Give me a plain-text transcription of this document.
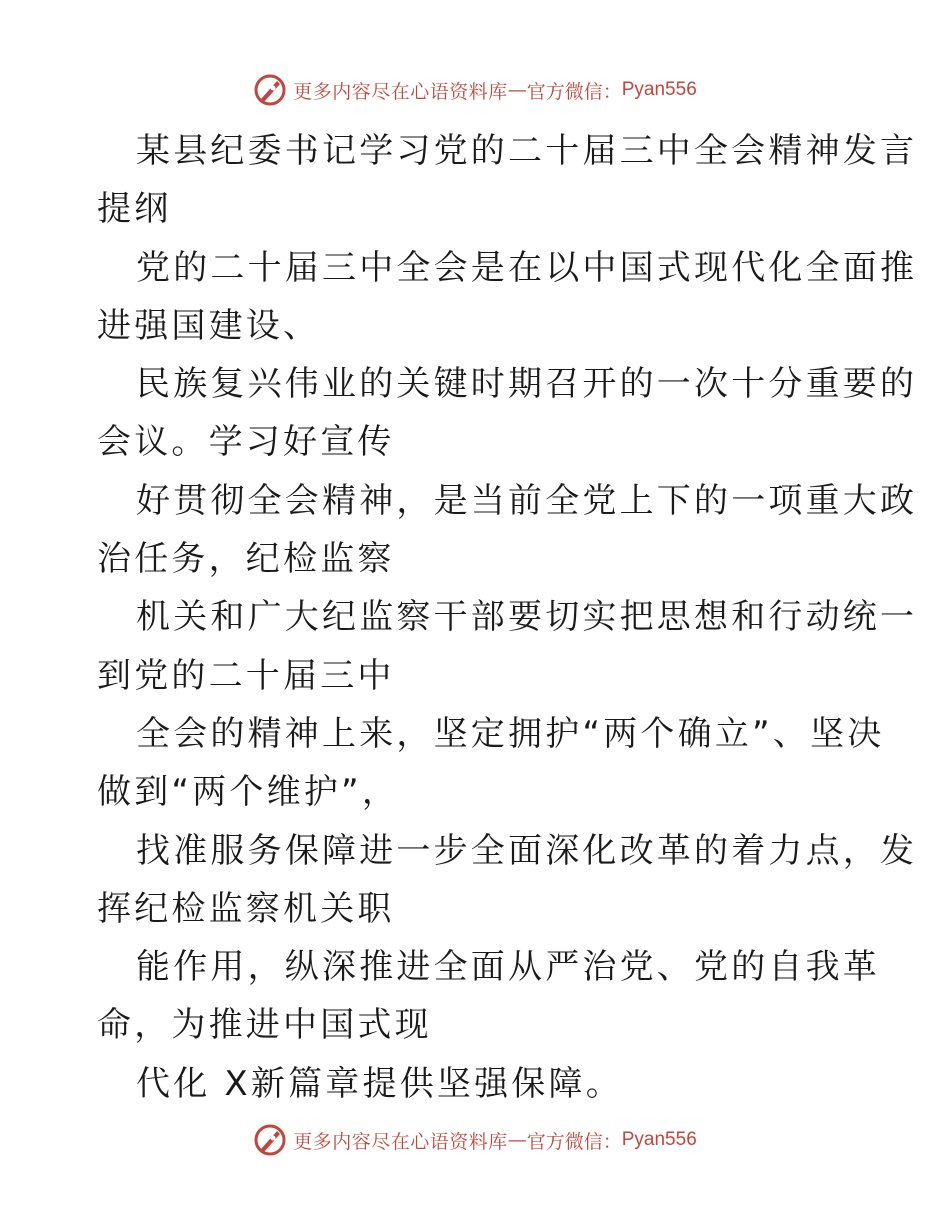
更多内容尽在心语资料库 — 官方微信： Pyan556
某县纪委书记学习党的二十届三中全会精神发言
提纲
党的二十届三中全会是在以中国式现代化全面推
进强国建设、
民族复兴伟业的关键时期召开的一次十分重要的
会议。学习好宣传
好贯彻全会精神，是当前全党上下的一项重大政
治任务，纪检监察
机关和广大纪监察干部要切实把思想和行动统一
到党的二十届三中
全会的精神上来，坚定拥护“两个确立”、坚决
做到“两个维护”，
找准服务保障进一步全面深化改革的着力点，发
挥纪检监察机关职
能作用，纵深推进全面从严治党、党的自我革
命，为推进中国式现
代化 X新篇章提供坚强保障。
更多内容尽在心语资料库 — 官方微信： Pyan556
